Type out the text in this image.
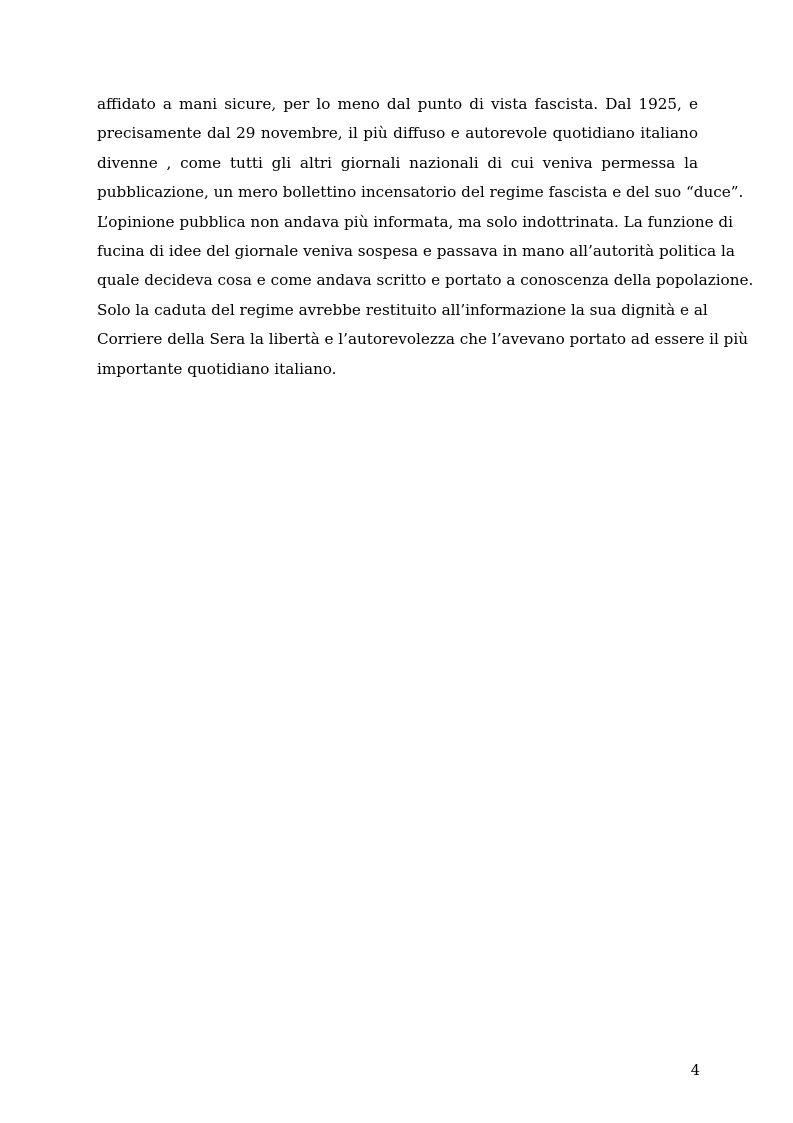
affidato a mani sicure, per lo meno dal punto di vista fascista. Dal 1925, e
precisamente dal 29 novembre, il più diffuso e autorevole quotidiano italiano
divenne , come tutti gli altri giornali nazionali di cui veniva permessa la
pubblicazione, un mero bollettino incensatorio del regime fascista e del suo “duce”.
L’opinione pubblica non andava più informata, ma solo indottrinata. La funzione di
fucina di idee del giornale veniva sospesa e passava in mano all’autorità politica la
quale decideva cosa e come andava scritto e portato a conoscenza della popolazione.
Solo la caduta del regime avrebbe restituito all’informazione la sua dignità e al
Corriere della Sera la libertà e l’autorevolezza che l’avevano portato ad essere il più
importante quotidiano italiano.

4
